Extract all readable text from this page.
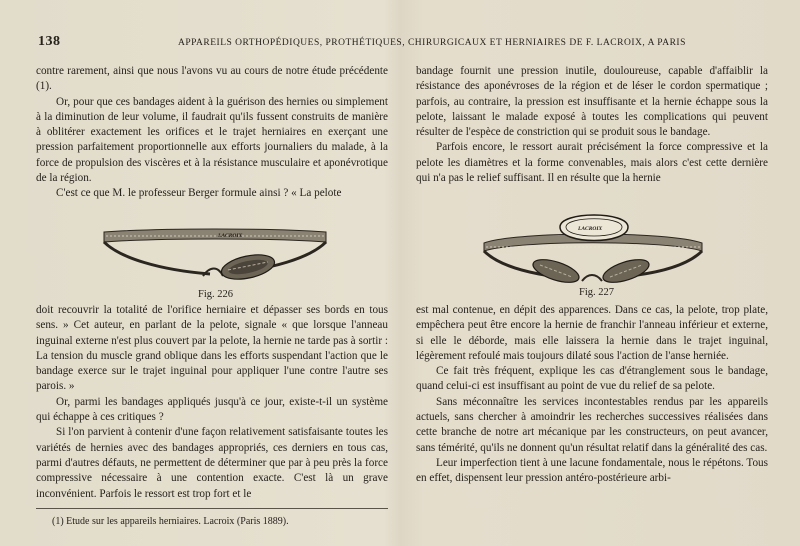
138	APPAREILS ORTHOPÉDIQUES, PROTHÉTIQUES, CHIRURGICAUX ET HERNIAIRES DE F. LACROIX, A PARIS

contre rarement, ainsi que nous l'avons vu au cours de notre étude précédente (1).

Or, pour que ces bandages aident à la guérison des hernies ou simplement à la diminution de leur volume, il faudrait qu'ils fussent construits de manière à oblitérer exactement les orifices et le trajet herniaires en exerçant une pression parfaitement proportionnelle aux efforts journaliers du malade, à la force de propulsion des viscères et à la résistance musculaire et aponévrotique de la région.

C'est ce que M. le professeur Berger formule ainsi ? « La pelote

bandage fournit une pression inutile, douloureuse, capable d'affaiblir la résistance des aponévroses de la région et de léser le cordon spermatique ; parfois, au contraire, la pression est insuffisante et la hernie échappe sous la pelote, laissant le malade exposé à toutes les complications qui peuvent résulter de l'espèce de constriction qui se produit sous le bandage.

Parfois encore, le ressort aurait précisément la force compressive et la pelote les diamètres et la forme convenables, mais alors c'est cette dernière qui n'a pas le relief suffisant. Il en résulte que la hernie

LACROIX
Fig. 226
LACROIX
Fig. 227

doit recouvrir la totalité de l'orifice herniaire et dépasser ses bords en tous sens. » Cet auteur, en parlant de la pelote, signale « que lorsque l'anneau inguinal externe n'est plus couvert par la pelote, la hernie ne tarde pas à sortir : La tension du muscle grand oblique dans les efforts suspendant l'action que le bandage exerce sur le trajet inguinal pour appliquer l'une contre l'autre ses parois. »

Or, parmi les bandages appliqués jusqu'à ce jour, existe-t-il un système qui échappe à ces critiques ?

Si l'on parvient à contenir d'une façon relativement satisfaisante toutes les variétés de hernies avec des bandages appropriés, ces derniers en tous cas, parmi d'autres défauts, ne permettent de déterminer que par à peu près la force compressive nécessaire à une contention exacte. C'est là un grave inconvénient. Parfois le ressort est trop fort et le

est mal contenue, en dépit des apparences. Dans ce cas, la pelote, trop plate, empêchera peut être encore la hernie de franchir l'anneau inférieur et externe, si elle le déborde, mais elle laissera la hernie dans le trajet inguinal, légèrement refoulé mais toujours dilaté sous l'action de l'anse herniée.

Ce fait très fréquent, explique les cas d'étranglement sous le bandage, quand celui-ci est insuffisant au point de vue du relief de sa pelote.

Sans méconnaître les services incontestables rendus par les appareils actuels, sans chercher à amoindrir les recherches successives réalisées dans cette branche de notre art mécanique par les constructeurs, on peut avancer, sans témérité, qu'ils ne donnent qu'un résultat relatif dans la généralité des cas.

Leur imperfection tient à une lacune fondamentale, nous le répétons. Tous en effet, dispensent leur pression antéro-postérieure arbi-

(1) Etude sur les appareils herniaires. Lacroix (Paris 1889).
